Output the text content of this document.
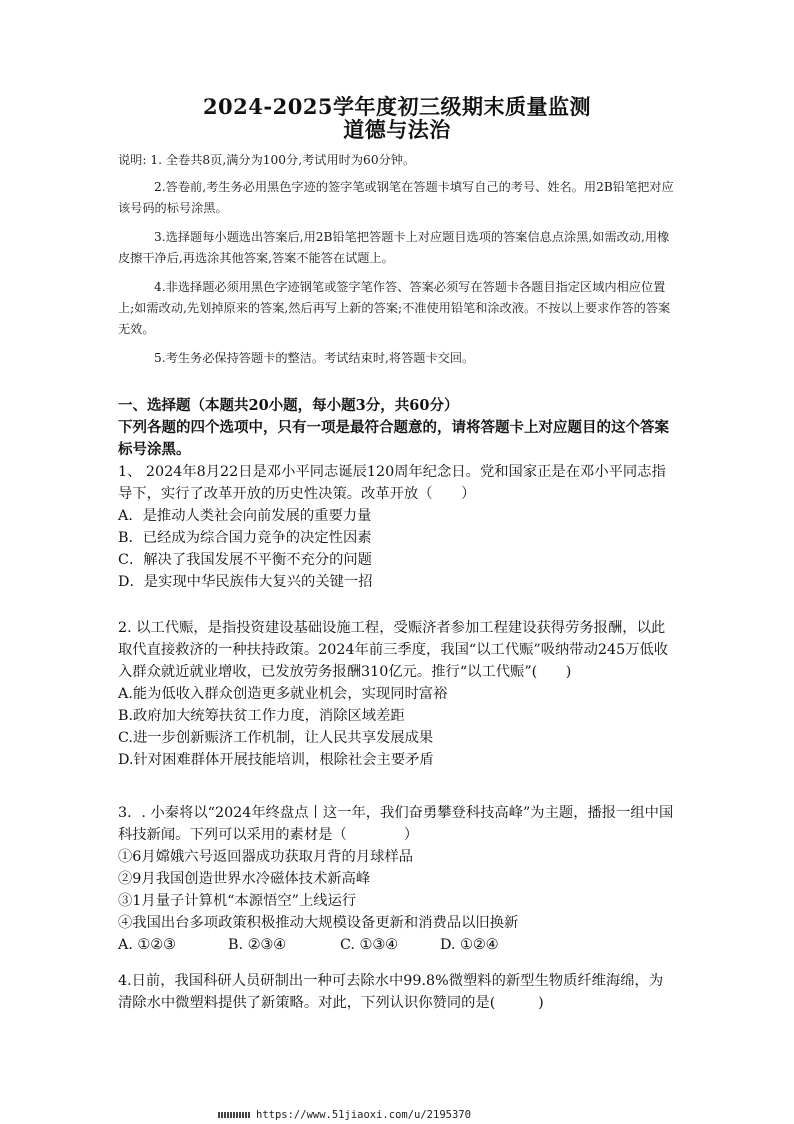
2024-2025学年度初三级期末质量监测
道德与法治

说明: 1. 全卷共8页,满分为100分,考试用时为60分钟。

2.答卷前,考生务必用黑色字迹的签字笔或钢笔在答题卡填写自己的考号、姓名。用2B铅笔把对应该号码的标号涂黑。

3.选择题每小题选出答案后,用2B铅笔把答题卡上对应题目选项的答案信息点涂黑,如需改动,用橡皮擦干净后,再选涂其他答案,答案不能答在试题上。

4.非选择题必须用黑色字迹钢笔或签字笔作答、答案必须写在答题卡各题目指定区域内相应位置上;如需改动,先划掉原来的答案,然后再写上新的答案;不准使用铅笔和涂改液。不按以上要求作答的答案无效。

5.考生务必保持答题卡的整洁。考试结束时,将答题卡交回。

一、选择题（本题共20小题，每小题3分，共60分）
下列各题的四个选项中，只有一项是最符合题意的，请将答题卡上对应题目的这个答案标号涂黑。

1、 2024年8月22日是邓小平同志诞辰120周年纪念日。党和国家正是在邓小平同志指导下，实行了改革开放的历史性决策。改革开放（　　）

A．是推动人类社会向前发展的重要力量

B．已经成为综合国力竞争的决定性因素

C．解决了我国发展不平衡不充分的问题

D．是实现中华民族伟大复兴的关键一招

2. 以工代赈，是指投资建设基础设施工程，受赈济者参加工程建设获得劳务报酬，以此取代直接救济的一种扶持政策。2024年前三季度，我国“以工代赈”吸纳带动245万低收入群众就近就业增收，已发放劳务报酬310亿元。推行“以工代赈”(　　)

A.能为低收入群众创造更多就业机会，实现同时富裕

B.政府加大统筹扶贫工作力度，消除区域差距

C.进一步创新赈济工作机制，让人民共享发展成果

D.针对困难群体开展技能培训，根除社会主要矛盾

3．. 小秦将以“2024年终盘点丨这一年，我们奋勇攀登科技高峰”为主题，播报一组中国科技新闻。下列可以采用的素材是（　　　　）

①6月嫦娥六号返回器成功获取月背的月球样品

②9月我国创造世界水冷磁体技术新高峰

③1月量子计算机“本源悟空”上线运行

④我国出台多项政策积极推动大规模设备更新和消费品以旧换新

A. ①②③	B. ②③④	C. ①③④	D. ①②④

4.日前，我国科研人员研制出一种可去除水中99.8%微塑料的新型生物质纤维海绵，为清除水中微塑料提供了新策略。对此，下列认识你赞同的是(　　　)

https://www.51jiaoxi.com/u/2195370
